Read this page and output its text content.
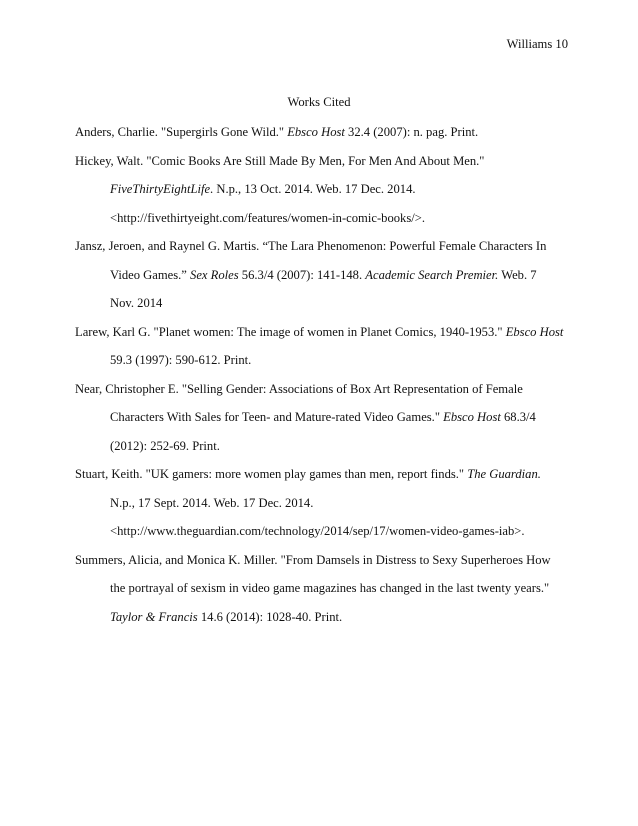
Williams 10
Works Cited
Anders, Charlie. "Supergirls Gone Wild." Ebsco Host 32.4 (2007): n. pag. Print.
Hickey, Walt. "Comic Books Are Still Made By Men, For Men And About Men."
FiveThirtyEightLife. N.p., 13 Oct. 2014. Web. 17 Dec. 2014.
<http://fivethirtyeight.com/features/women-in-comic-books/>.
Jansz, Jeroen, and Raynel G. Martis. “The Lara Phenomenon: Powerful Female Characters In
Video Games.” Sex Roles 56.3/4 (2007): 141-148. Academic Search Premier. Web. 7
Nov. 2014
Larew, Karl G. "Planet women: The image of women in Planet Comics, 1940-1953." Ebsco Host
59.3 (1997): 590-612. Print.
Near, Christopher E. "Selling Gender: Associations of Box Art Representation of Female
Characters With Sales for Teen- and Mature-rated Video Games." Ebsco Host 68.3/4
(2012): 252-69. Print.
Stuart, Keith. "UK gamers: more women play games than men, report finds." The Guardian.
N.p., 17 Sept. 2014. Web. 17 Dec. 2014.
<http://www.theguardian.com/technology/2014/sep/17/women-video-games-iab>.
Summers, Alicia, and Monica K. Miller. "From Damsels in Distress to Sexy Superheroes How
the portrayal of sexism in video game magazines has changed in the last twenty years."
Taylor & Francis 14.6 (2014): 1028-40. Print.
